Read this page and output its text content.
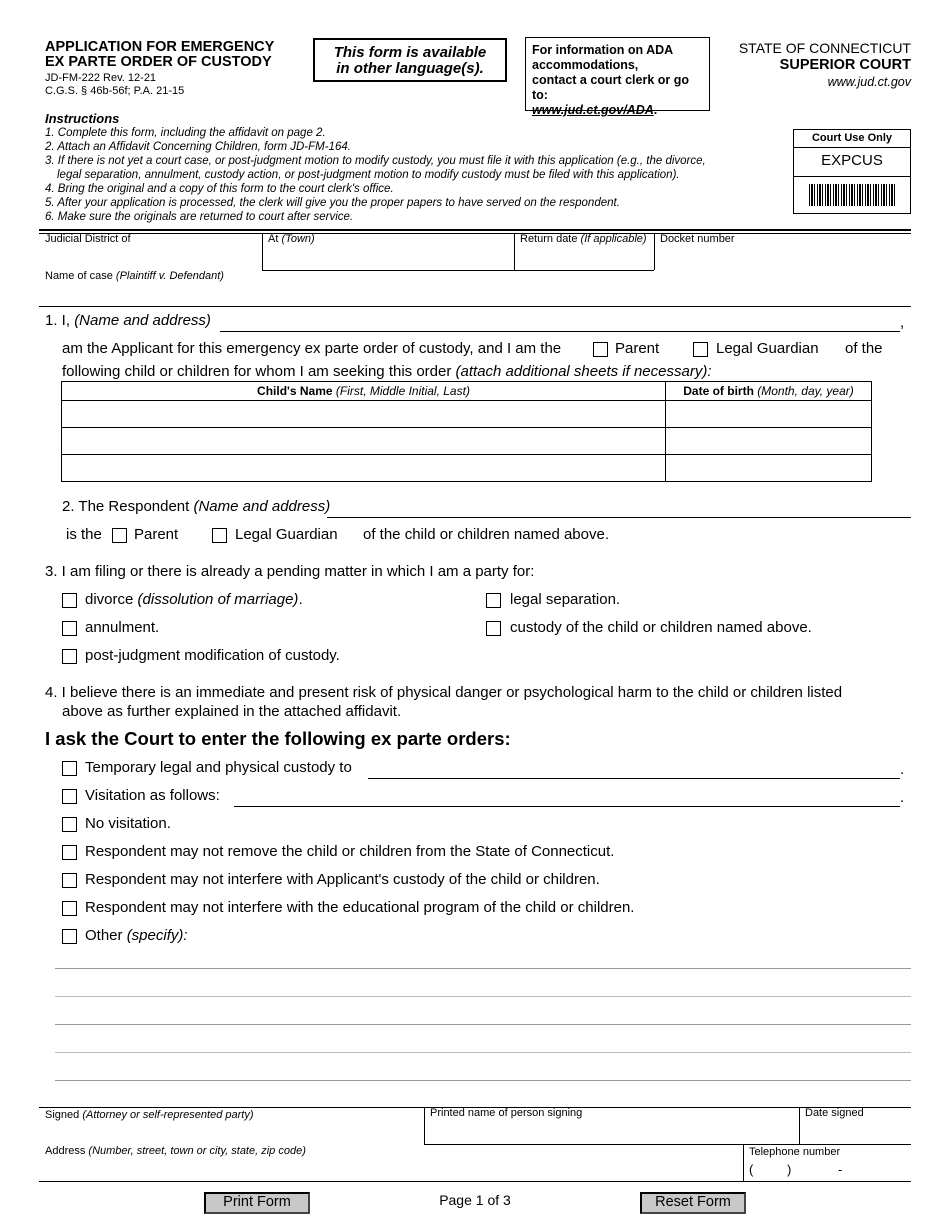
APPLICATION FOR EMERGENCY
EX PARTE ORDER OF CUSTODY
JD-FM-222 Rev. 12-21
C.G.S. § 46b-56f; P.A. 21-15
This form is available
in other language(s).
For information on ADA
accommodations,
contact a court clerk or go to:
www.jud.ct.gov/ADA.
STATE OF CONNECTICUT
SUPERIOR COURT
www.jud.ct.gov
Instructions
1. Complete this form, including the affidavit on page 2.
2. Attach an Affidavit Concerning Children, form JD-FM-164.
3. If there is not yet a court case, or post-judgment motion to modify custody, you must file it with this application (e.g., the divorce,
legal separation, annulment, custody action, or post-judgment motion to modify custody must be filed with this application).
4. Bring the original and a copy of this form to the court clerk's office.
5. After your application is processed, the clerk will give you the proper papers to have served on the respondent.
6. Make sure the originals are returned to court after service.
Court Use Only
EXPCUS
Judicial District of	At (Town)	Return date (If applicable) Docket number
Name of case (Plaintiff v. Defendant)
1. I, (Name and address)	,
am the Applicant for this emergency ex parte order of custody, and I am the	Parent	Legal Guardian of the
following child or children for whom I am seeking this order (attach additional sheets if necessary):
Child's Name (First, Middle Initial, Last)	Date of birth (Month, day, year)

2. The Respondent (Name and address)
is the Parent	Legal Guardian of the child or children named above.
3. I am filing or there is already a pending matter in which I am a party for:
divorce (dissolution of marriage).	legal separation.
annulment.	custody of the child or children named above.
post-judgment modification of custody.
4. I believe there is an immediate and present risk of physical danger or psychological harm to the child or children listed
above as further explained in the attached affidavit.
I ask the Court to enter the following ex parte orders:
Temporary legal and physical custody to	.
Visitation as follows:	.
No visitation.
Respondent may not remove the child or children from the State of Connecticut.
Respondent may not interfere with Applicant's custody of the child or children.
Respondent may not interfere with the educational program of the child or children.
Other (specify):
Signed (Attorney or self-represented party)	Printed name of person signing	Date signed
Address (Number, street, town or city, state, zip code)	Telephone number
(	)	-
Print Form	Page 1 of 3	Reset Form
